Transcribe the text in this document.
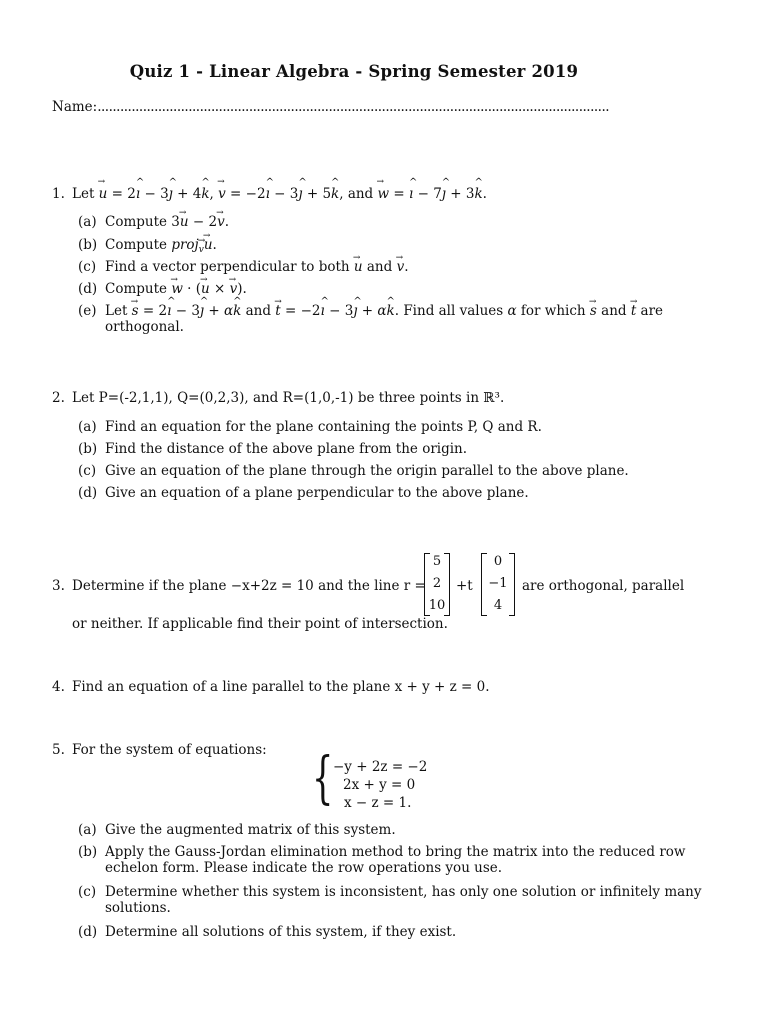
Quiz 1 - Linear Algebra - Spring Semester 2019
Name:.......................................................................................................................................
1. Let → u = 2^ ı − 3^ ȷ + 4^ k, → v = −2^ ı − 3^ ȷ + 5^ k, and → w = ^ ı − 7^ ȷ + 3^ k.
(a) Compute 3→ u − 2→ v.
(b) Compute proj→ $_v$→ u.
(c) Find a vector perpendicular to both → u and → v.
(d) Compute → w · (→ u × → v).
(e) Let → s = 2^ ı − 3^ ȷ + α^ k and → t = −2^ ı − 3^ ȷ + α^ k. Find all values α for which → s and → t are orthogonal.
2. Let P=(-2,1,1), Q=(0,2,3), and R=(1,0,-1) be three points in ℝ³.
(a) Find an equation for the plane containing the points P, Q and R.
(b) Find the distance of the above plane from the origin.
(c) Give an equation of the plane through the origin parallel to the above plane.
(d) Give an equation of a plane perpendicular to the above plane.
3. Determine if the plane −x+2z = 10 and the line r =
5
2
10
+t
0
−1
4
are orthogonal, parallel
or neither. If applicable find their point of intersection.
4. Find an equation of a line parallel to the plane x + y + z = 0.
5. For the system of equations: { −y + 2z = −2
2x + y = 0
x − z = 1.
(a) Give the augmented matrix of this system.
(b) Apply the Gauss-Jordan elimination method to bring the matrix into the reduced row echelon form. Please indicate the row operations you use.
(c) Determine whether this system is inconsistent, has only one solution or infinitely many solutions.
(d) Determine all solutions of this system, if they exist.
